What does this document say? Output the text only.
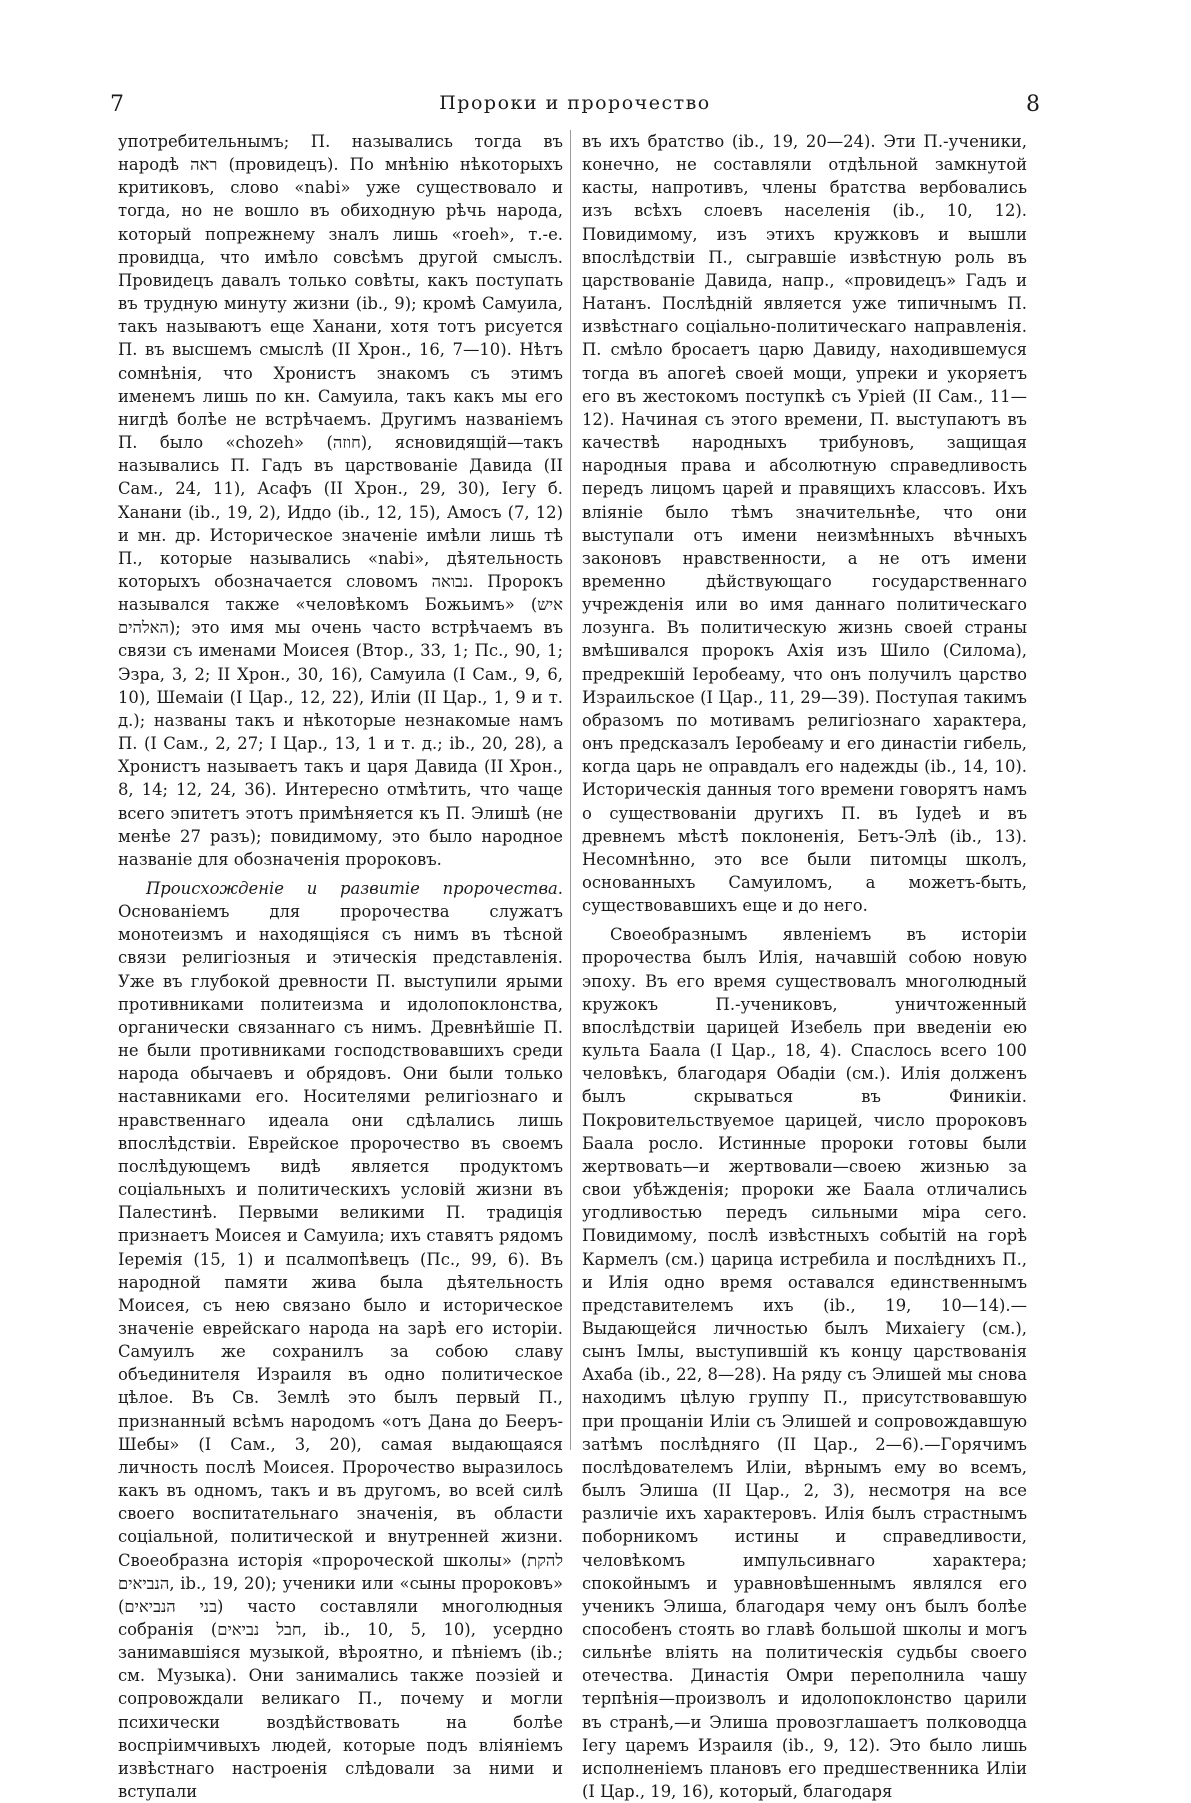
7	Пророки и пророчество	8

употребительнымъ; П. назывались тогда въ народѣ ראה (провидецъ). По мнѣнію нѣкоторыхъ критиковъ, слово «nabi» уже существовало и тогда, но не вошло въ обиходную рѣчь народа, который попрежнему зналъ лишь «roeh», т.-е. провидца, что имѣло совсѣмъ другой смыслъ. Провидецъ давалъ только совѣты, какъ поступать въ трудную минуту жизни (ib., 9); кромѣ Самуила, такъ называютъ еще Ханани, хотя тотъ рисуется П. въ высшемъ смыслѣ (II Хрон., 16, 7—10). Нѣтъ сомнѣнія, что Хронистъ знакомъ съ этимъ именемъ лишь по кн. Самуила, такъ какъ мы его нигдѣ болѣе не встрѣчаемъ. Другимъ названіемъ П. было «chozeh» (חוזה), ясновидящій—такъ назывались П. Гадъ въ царствованіе Давида (II Сам., 24, 11), Асафъ (II Хрон., 29, 30), Iегу б. Ханани (ib., 19, 2), Иддо (ib., 12, 15), Амосъ (7, 12) и мн. др. Историческое значеніе имѣли лишь тѣ П., которые назывались «nabi», дѣятельность которыхъ обозначается словомъ נבואה. Пророкъ назывался также «человѣкомъ Божьимъ» (איש האלהים); это имя мы очень часто встрѣчаемъ въ связи съ именами Моисея (Втор., 33, 1; Пс., 90, 1; Эзра, 3, 2; II Хрон., 30, 16), Самуила (I Сам., 9, 6, 10), Шемаіи (I Цар., 12, 22), Иліи (II Цар., 1, 9 и т. д.); названы такъ и нѣкоторые незнакомые намъ П. (I Сам., 2, 27; I Цар., 13, 1 и т. д.; ib., 20, 28), а Хронистъ называетъ такъ и царя Давида (II Хрон., 8, 14; 12, 24, 36). Интересно отмѣтить, что чаще всего эпитетъ этотъ примѣняется къ П. Элишѣ (не менѣе 27 разъ); повидимому, это было народное названіе для обозначенія пророковъ.

Происхожденіе и развитіе пророчества. Основаніемъ для пророчества служатъ монотеизмъ и находящіяся съ нимъ въ тѣсной связи религіозныя и этическія представленія. Уже въ глубокой древности П. выступили ярыми противниками политеизма и идолопоклонства, органически связаннаго съ нимъ. Древнѣйшіе П. не были противниками господствовавшихъ среди народа обычаевъ и обрядовъ. Они были только наставниками его. Носителями религіознаго и нравственнаго идеала они сдѣлались лишь впослѣдствіи. Еврейское пророчество въ своемъ послѣдующемъ видѣ является продуктомъ соціальныхъ и политическихъ условій жизни въ Палестинѣ. Первыми великими П. традиція признаетъ Моисея и Самуила; ихъ ставятъ рядомъ Іеремія (15, 1) и псалмопѣвецъ (Пс., 99, 6). Въ народной памяти жива была дѣятельность Моисея, съ нею связано было и историческое значеніе еврейскаго народа на зарѣ его исторіи. Самуилъ же сохранилъ за собою славу объединителя Израиля въ одно политическое цѣлое. Въ Св. Землѣ это былъ первый П., признанный всѣмъ народомъ «отъ Дана до Бееръ-Шебы» (I Сам., 3, 20), самая выдающаяся личность послѣ Моисея. Пророчество выразилось какъ въ одномъ, такъ и въ другомъ, во всей силѣ своего воспитательнаго значенія, въ области соціальной, политической и внутренней жизни. Своеобразна исторія «пророческой школы» (להקת הנביאים, ib., 19, 20); ученики или «сыны пророковъ» (בני הנביאים) часто составляли многолюдныя собранія (חבל נביאים, ib., 10, 5, 10), усердно занимавшіяся музыкой, вѣроятно, и пѣніемъ (ib.; см. Музыка). Они занимались также поэзіей и сопровождали великаго П., почему и могли психически воздѣйствовать на болѣе воспріимчивыхъ людей, которые подъ вліяніемъ извѣстнаго настроенія слѣдовали за ними и вступали

въ ихъ братство (ib., 19, 20—24). Эти П.-ученики, конечно, не составляли отдѣльной замкнутой касты, напротивъ, члены братства вербовались изъ всѣхъ слоевъ населенія (ib., 10, 12). Повидимому, изъ этихъ кружковъ и вышли впослѣдствіи П., сыгравшіе извѣстную роль въ царствованіе Давида, напр., «провидецъ» Гадъ и Натанъ. Послѣдній является уже типичнымъ П. извѣстнаго соціально-политическаго направленія. П. смѣло бросаетъ царю Давиду, находившемуся тогда въ апогеѣ своей мощи, упреки и укоряетъ его въ жестокомъ поступкѣ съ Уріей (II Сам., 11—12). Начиная съ этого времени, П. выступаютъ въ качествѣ народныхъ трибуновъ, защищая народныя права и абсолютную справедливость передъ лицомъ царей и правящихъ классовъ. Ихъ вліяніе было тѣмъ значительнѣе, что они выступали отъ имени неизмѣнныхъ вѣчныхъ законовъ нравственности, а не отъ имени временно дѣйствующаго государственнаго учрежденія или во имя даннаго политическаго лозунга. Въ политическую жизнь своей страны вмѣшивался пророкъ Ахія изъ Шило (Силома), предрекшій Іеробеаму, что онъ получилъ царство Израильское (I Цар., 11, 29—39). Поступая такимъ образомъ по мотивамъ религіознаго характера, онъ предсказалъ Іеробеаму и его династіи гибель, когда царь не оправдалъ его надежды (ib., 14, 10). Историческія данныя того времени говорятъ намъ о существованіи другихъ П. въ Іудеѣ и въ древнемъ мѣстѣ поклоненія, Бетъ-Элѣ (ib., 13). Несомнѣнно, это все были питомцы школъ, основанныхъ Самуиломъ, а можетъ-быть, существовавшихъ еще и до него.

Своеобразнымъ явленіемъ въ исторіи пророчества былъ Илія, начавшій собою новую эпоху. Въ его время существовалъ многолюдный кружокъ П.-учениковъ, уничтоженный впослѣдствіи царицей Изебель при введеніи ею культа Баала (I Цар., 18, 4). Спаслось всего 100 человѣкъ, благодаря Обадіи (см.). Илія долженъ былъ скрываться въ Финикіи. Покровительствуемое царицей, число пророковъ Баала росло. Истинные пророки готовы были жертвовать—и жертвовали—своею жизнью за свои убѣжденія; пророки же Баала отличались угодливостью передъ сильными міра сего. Повидимому, послѣ извѣстныхъ событій на горѣ Кармелъ (см.) царица истребила и послѣднихъ П., и Илія одно время оставался единственнымъ представителемъ ихъ (ib., 19, 10—14).—Выдающейся личностью былъ Михаіегу (см.), сынъ Імлы, выступившій къ концу царствованія Ахаба (ib., 22, 8—28). На ряду съ Элишей мы снова находимъ цѣлую группу П., присутствовавшую при прощаніи Иліи съ Элишей и сопровождавшую затѣмъ послѣдняго (II Цар., 2—6).—Горячимъ послѣдователемъ Иліи, вѣрнымъ ему во всемъ, былъ Элиша (II Цар., 2, 3), несмотря на все различіе ихъ характеровъ. Илія былъ страстнымъ поборникомъ истины и справедливости, человѣкомъ импульсивнаго характера; спокойнымъ и уравновѣшеннымъ являлся его ученикъ Элиша, благодаря чему онъ былъ болѣе способенъ стоять во главѣ большой школы и могъ сильнѣе вліять на политическія судьбы своего отечества. Династія Омри переполнила чашу терпѣнія—произволъ и идолопоклонство царили въ странѣ,—и Элиша провозглашаетъ полководца Iегу царемъ Израиля (ib., 9, 12). Это было лишь исполненіемъ плановъ его предшественника Иліи (I Цар., 19, 16), который, благодаря
